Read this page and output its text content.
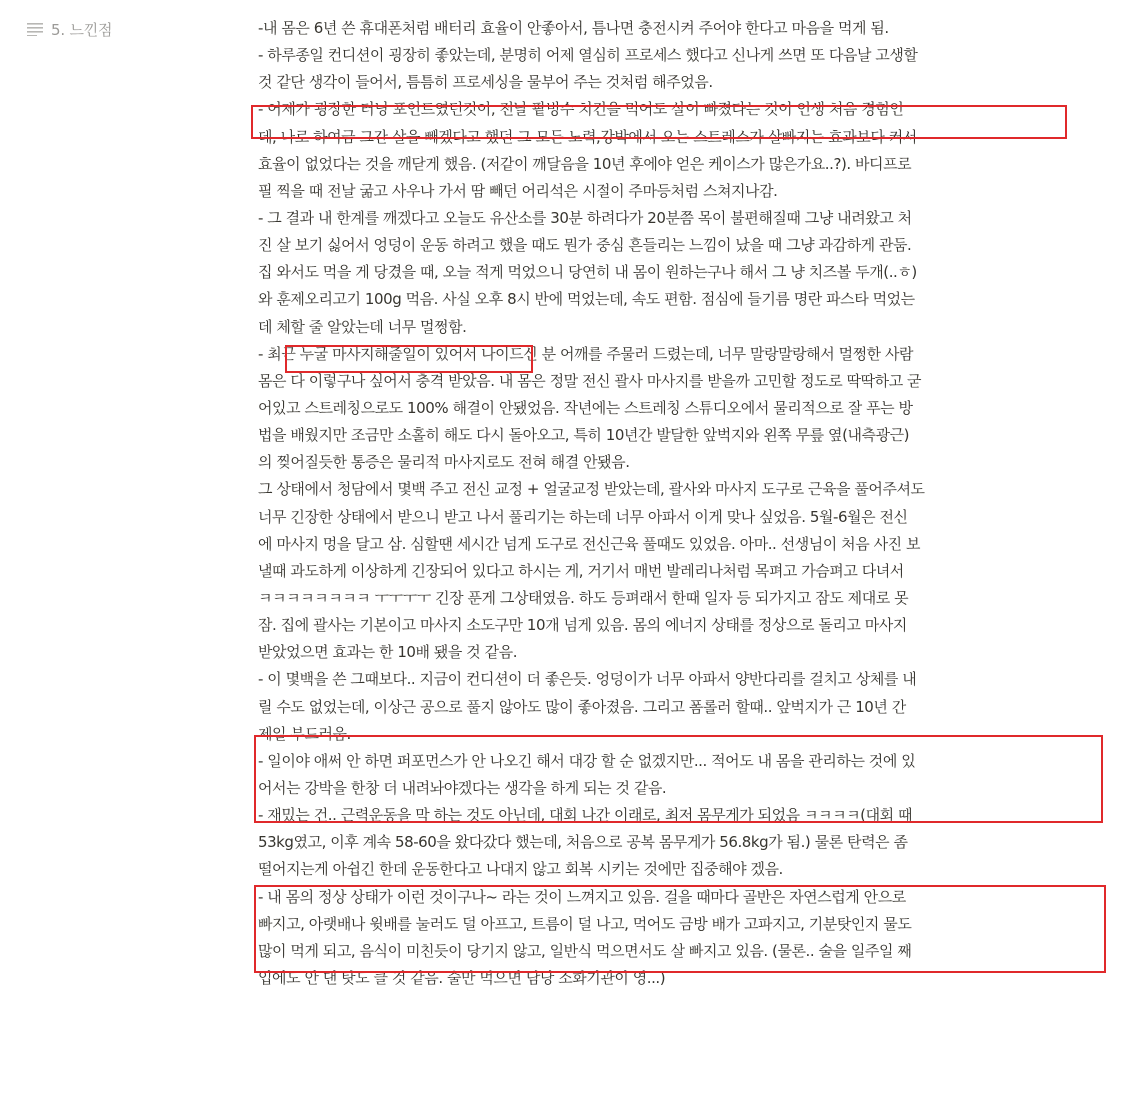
5. 느낀점	-내 몸은 6년 쓴 휴대폰처럼 배터리 효율이 안좋아서, 틈나면 충전시켜 주어야 한다고 마음을 먹게 됨.
- 하루종일 컨디션이 굉장히 좋았는데, 분명히 어제 열심히 프로세스 했다고 신나게 쓰면 또 다음날 고생할
것 같단 생각이 들어서, 틈틈히 프로세싱을 물부어 주는 것처럼 해주었음.
- 어제가 굉장한 터닝 포인트였던것이, 전날 팥빙수 치킨을 먹어도 살이 빠졌다는 것이 인생 처음 경험인
데, 나로 하여금 그간 살을 빼겠다고 했던 그 모든 노력,강박에서 오는 스트레스가 살빠지는 효과보다 커서
효율이 없었다는 것을 깨닫게 했음. (저같이 깨달음을 10년 후에야 얻은 케이스가 많은가요..?). 바디프로
필 찍을 때 전날 굶고 사우나 가서 땀 빼던 어리석은 시절이 주마등처럼 스쳐지나감.
- 그 결과 내 한계를 깨겠다고 오늘도 유산소를 30분 하려다가 20분쯤 목이 불편해질때 그냥 내려왔고 처
진 살 보기 싫어서 엉덩이 운동 하려고 했을 때도 뭔가 중심 흔들리는 느낌이 났을 때 그냥 과감하게 관둠.
집 와서도 먹을 게 당겼을 때, 오늘 적게 먹었으니 당연히 내 몸이 원하는구나 해서 그 냥 치즈볼 두개(..ㅎ)
와 훈제오리고기 100g 먹음. 사실 오후 8시 반에 먹었는데, 속도 편함. 점심에 들기름 명란 파스타 먹었는
데 체할 줄 알았는데 너무 멀쩡함.
- 최근 누굴 마사지해줄일이 있어서 나이드신 분 어깨를 주물러 드렸는데, 너무 말랑말랑해서 멀쩡한 사람
몸은 다 이렇구나 싶어서 충격 받았음. 내 몸은 정말 전신 괄사 마사지를 받을까 고민할 정도로 딱딱하고 굳
어있고 스트레칭으로도 100% 해결이 안됐었음. 작년에는 스트레칭 스튜디오에서 물리적으로 잘 푸는 방
법을 배웠지만 조금만 소홀히 해도 다시 돌아오고, 특히 10년간 발달한 앞벅지와 왼쪽 무릎 옆(내측광근)
의 찢어질듯한 통증은 물리적 마사지로도 전혀 해결 안됐음.
그 상태에서 청담에서 몇백 주고 전신 교정 + 얼굴교정 받았는데, 괄사와 마사지 도구로 근육을 풀어주셔도
너무 긴장한 상태에서 받으니 받고 나서 풀리기는 하는데 너무 아파서 이게 맞나 싶었음. 5월-6월은 전신
에 마사지 멍을 달고 삼. 심할땐 세시간 넘게 도구로 전신근육 풀때도 있었음. 아마.. 선생님이 처음 사진 보
낼때 과도하게 이상하게 긴장되어 있다고 하시는 게, 거기서 매번 발레리나처럼 목펴고 가슴펴고 다녀서
ㅋㅋㅋㅋㅋㅋㅋㅋ ㅜㅜㅜㅜ 긴장 푼게 그상태였음. 하도 등펴래서 한때 일자 등 되가지고 잠도 제대로 못
잠. 집에 괄사는 기본이고 마사지 소도구만 10개 넘게 있음. 몸의 에너지 상태를 정상으로 돌리고 마사지
받았었으면 효과는 한 10배 됐을 것 같음.
- 이 몇백을 쓴 그때보다.. 지금이 컨디션이 더 좋은듯. 엉덩이가 너무 아파서 양반다리를 걸치고 상체를 내
릴 수도 없었는데, 이상근 공으로 풀지 않아도 많이 좋아졌음. 그리고 폼롤러 할때.. 앞벅지가 근 10년 간
제일 부드러움.
- 일이야 애써 안 하면 퍼포먼스가 안 나오긴 해서 대강 할 순 없겠지만... 적어도 내 몸을 관리하는 것에 있
어서는 강박을 한창 더 내려놔야겠다는 생각을 하게 되는 것 같음.
- 재밌는 건.. 근력운동을 막 하는 것도 아닌데, 대회 나간 이래로, 최저 몸무게가 되었음 ㅋㅋㅋㅋ(대회 때
53kg였고, 이후 계속 58-60을 왔다갔다 했는데, 처음으로 공복 몸무게가 56.8kg가 됨.) 물론 탄력은 좀
떨어지는게 아쉽긴 한데 운동한다고 나대지 않고 회복 시키는 것에만 집중해야 겠음.
- 내 몸의 정상 상태가 이런 것이구나~ 라는 것이 느껴지고 있음. 걸을 때마다 골반은 자연스럽게 안으로
빠지고, 아랫배나 윗배를 눌러도 덜 아프고, 트름이 덜 나고, 먹어도 금방 배가 고파지고, 기분탓인지 물도
많이 먹게 되고, 음식이 미친듯이 당기지 않고, 일반식 먹으면서도 살 빠지고 있음. (물론.. 술을 일주일 째
입에도 안 댄 탓도 클 것 같음. 술만 먹으면 담낭 소화기관이 영...)
